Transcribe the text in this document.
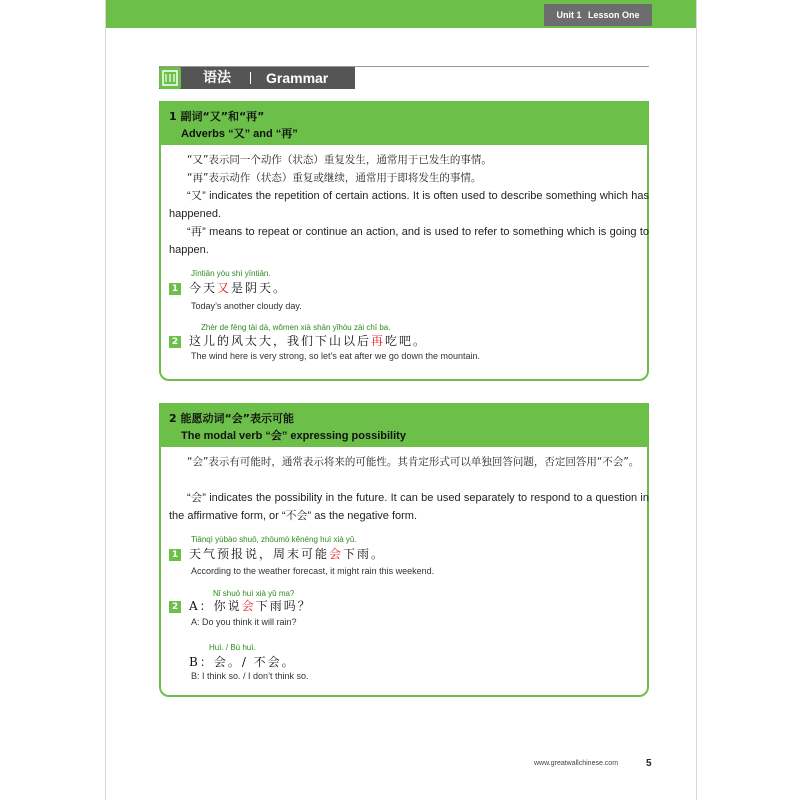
Unit 1 Lesson One
语法	Grammar
1 副词“又”和“再”
Adverbs “又” and “再”
“又”表示同一个动作（状态）重复发生，通常用于已发生的事情。
“再”表示动作（状态）重复或继续，通常用于即将发生的事情。
“又” indicates the repetition of certain actions. It is often used to describe something which has happened.
“再” means to repeat or continue an action, and is used to refer to something which is going to happen.
Jīntiān yòu shì yīntiān.
1 今天又是阴天。
Today’s another cloudy day.
Zhèr de fēng tài dà, wǒmen xià shān yǐhòu zài chī ba.
2 这儿的风太大，我们下山以后再吃吧。
The wind here is very strong, so let’s eat after we go down the mountain.
2 能愿动词“会”表示可能
The modal verb “会” expressing possibility
“会”表示有可能时，通常表示将来的可能性。其肯定形式可以单独回答问题，否定回答用“不会”。
“会” indicates the possibility in the future. It can be used separately to respond to a question in the affirmative form, or “不会” as the negative form.
Tiānqì yùbào shuō, zhōumò kěnéng huì xià yǔ.
1 天气预报说，周末可能会下雨。
According to the weather forecast, it might rain this weekend.
Nǐ shuō huì xià yǔ ma?
2 A：你说会下雨吗？
A: Do you think it will rain?
Huì. / Bú huì.
B：会。/ 不会。
B: I think so. / I don’t think so.
www.greatwallchinese.com	5
